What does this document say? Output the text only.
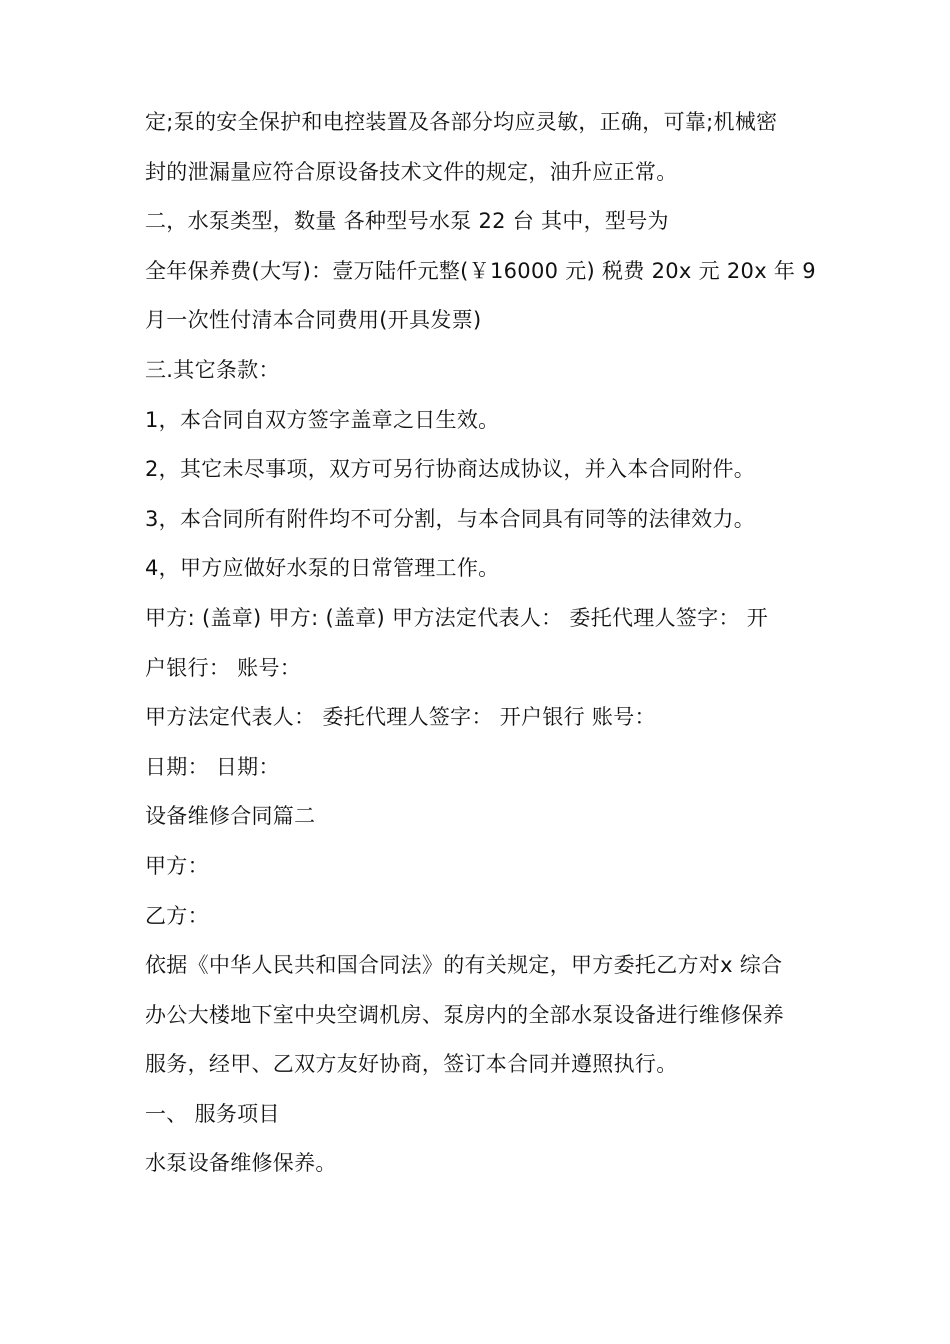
定;泵的安全保护和电控装置及各部分均应灵敏，正确，可靠;机械密
封的泄漏量应符合原设备技术文件的规定，油升应正常。
二，水泵类型，数量 各种型号水泵 22 台 其中，型号为
全年保养费(大写)：壹万陆仟元整(￥16000 元) 税费 20x 元 20x 年 9
月一次性付清本合同费用(开具发票)
三.其它条款：
1，本合同自双方签字盖章之日生效。
2，其它未尽事项，双方可另行协商达成协议，并入本合同附件。
3，本合同所有附件均不可分割，与本合同具有同等的法律效力。
4，甲方应做好水泵的日常管理工作。
甲方: (盖章) 甲方: (盖章) 甲方法定代表人： 委托代理人签字： 开
户银行： 账号：
甲方法定代表人： 委托代理人签字： 开户银行 账号：
日期： 日期：
设备维修合同篇二
甲方：
乙方：
依据《中华人民共和国合同法》的有关规定，甲方委托乙方对x 综合
办公大楼地下室中央空调机房、泵房内的全部水泵设备进行维修保养
服务，经甲、乙双方友好协商，签订本合同并遵照执行。
一、 服务项目
水泵设备维修保养。
